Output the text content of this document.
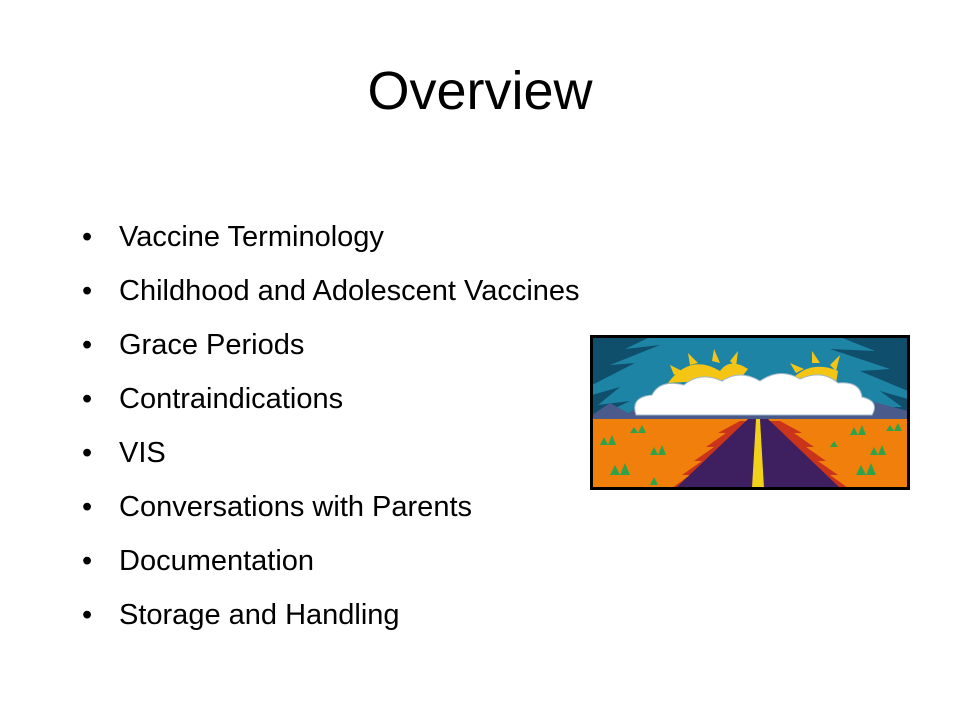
Overview
• Vaccine Terminology
• Childhood and Adolescent Vaccines
• Grace Periods
• Contraindications
• VIS
• Conversations with Parents
• Documentation
• Storage and Handling
